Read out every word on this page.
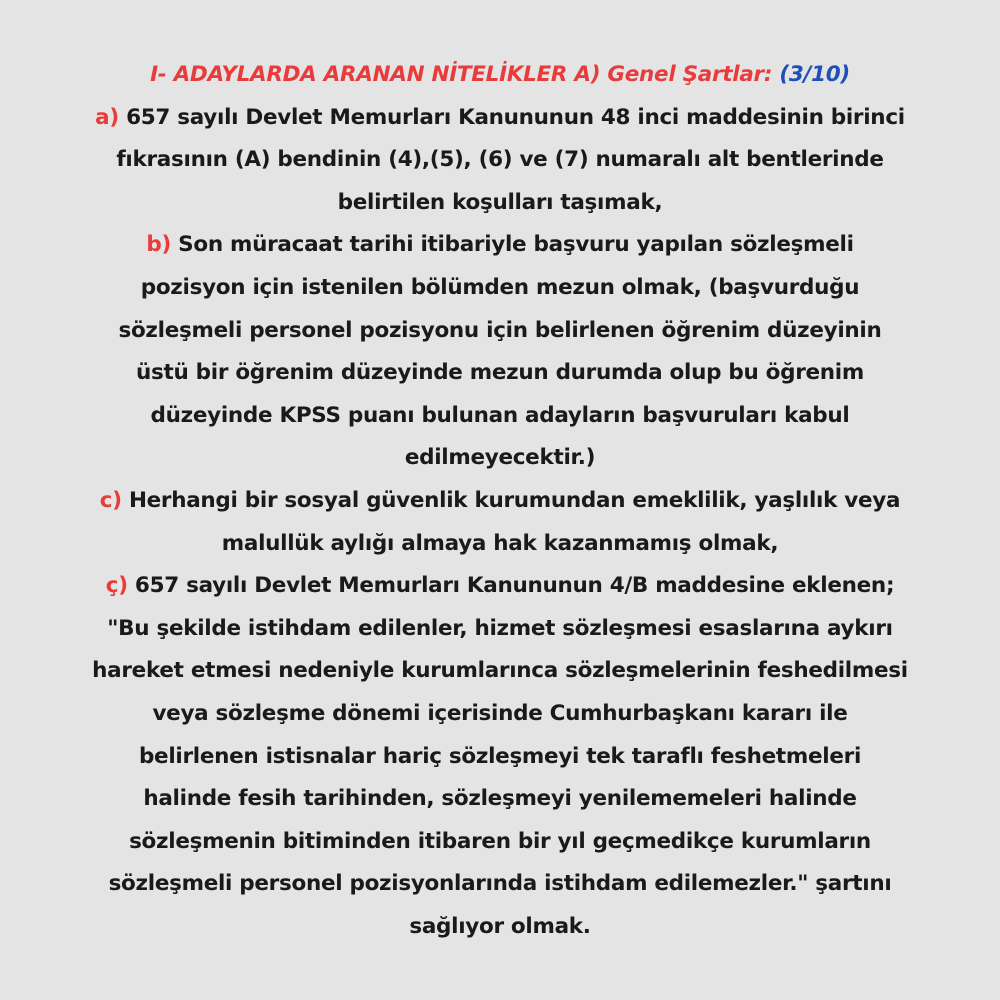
I- ADAYLARDA ARANAN NİTELİKLER A) Genel Şartlar: (3/10)

a) 657 sayılı Devlet Memurları Kanununun 48 inci maddesinin birinci

fıkrasının (A) bendinin (4),(5), (6) ve (7) numaralı alt bentlerinde

belirtilen koşulları taşımak,

b) Son müracaat tarihi itibariyle başvuru yapılan sözleşmeli

pozisyon için istenilen bölümden mezun olmak, (başvurduğu

sözleşmeli personel pozisyonu için belirlenen öğrenim düzeyinin

üstü bir öğrenim düzeyinde mezun durumda olup bu öğrenim

düzeyinde KPSS puanı bulunan adayların başvuruları kabul

edilmeyecektir.)

c) Herhangi bir sosyal güvenlik kurumundan emeklilik, yaşlılık veya

malullük aylığı almaya hak kazanmamış olmak,

ç) 657 sayılı Devlet Memurları Kanununun 4/B maddesine eklenen;

"Bu şekilde istihdam edilenler, hizmet sözleşmesi esaslarına aykırı

hareket etmesi nedeniyle kurumlarınca sözleşmelerinin feshedilmesi

veya sözleşme dönemi içerisinde Cumhurbaşkanı kararı ile

belirlenen istisnalar hariç sözleşmeyi tek taraflı feshetmeleri

halinde fesih tarihinden, sözleşmeyi yenilememeleri halinde

sözleşmenin bitiminden itibaren bir yıl geçmedikçe kurumların

sözleşmeli personel pozisyonlarında istihdam edilemezler." şartını

sağlıyor olmak.
